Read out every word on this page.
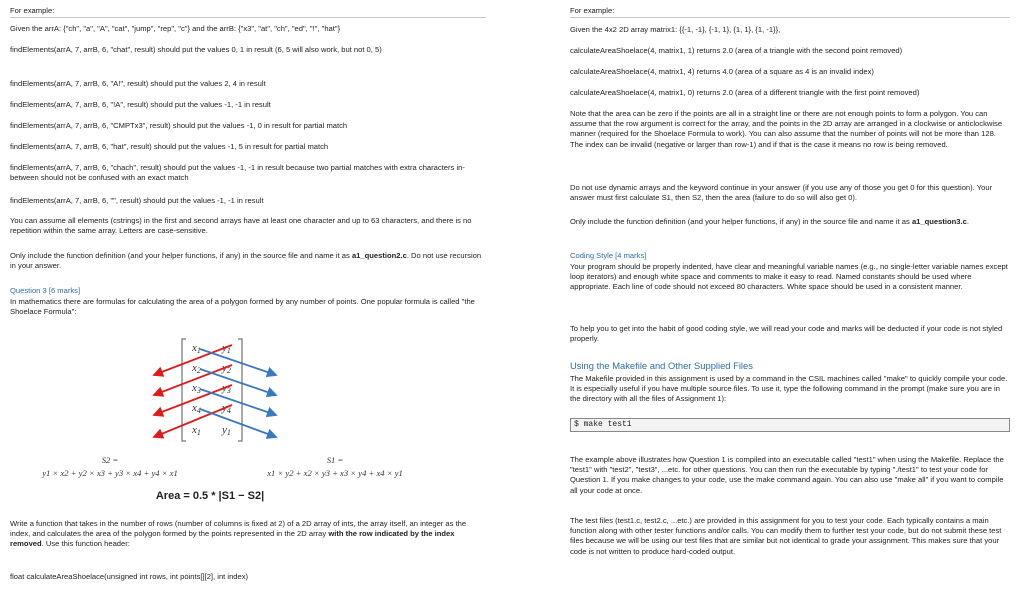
For example:

Given the arrA: {"ch", "a", "A", "cat", "jump", "rep", "c"} and the arrB: {"x3", "at", "ch", "ed", "!", "hat"}

findElements(arrA, 7, arrB, 6, "chat", result) should put the values 0, 1 in result (6, 5 will also work, but not 0, 5)

findElements(arrA, 7, arrB, 6, "A!", result) should put the values 2, 4 in result

findElements(arrA, 7, arrB, 6, "!A", result) should put the values -1, -1 in result

findElements(arrA, 7, arrB, 6, "CMPTx3", result) should put the values -1, 0 in result for partial match

findElements(arrA, 7, arrB, 6, "hat", result) should put the values -1, 5 in result for partial match

findElements(arrA, 7, arrB, 6, "chach", result) should put the values -1, -1 in result because two partial matches with extra characters in-between should not be confused with an exact match

findElements(arrA, 7, arrB, 6, "", result) should put the values -1, -1 in result

You can assume all elements (cstrings) in the first and second arrays have at least one character and up to 63 characters, and there is no repetition within the same array. Letters are case-sensitive.

Only include the function definition (and your helper functions, if any) in the source file and name it as a1_question2.c. Do not use recursion in your answer.

Question 3 [6 marks]

In mathematics there are formulas for calculating the area of a polygon formed by any number of points. One popular formula is called "the Shoelace Formula":

x1
x2
x3
x4
x1
1
2
3
4
y1
S2 =
y1 × x2 + y2 × x3 + y3 × x4 + y4 × x1
S1 =
x1 × y2 + x2 × y3 + x3 × y4 + x4 × y1
Area = 0.5 * |S1 − S2|

Write a function that takes in the number of rows (number of columns is fixed at 2) of a 2D array of ints, the array itself, an integer as the index, and calculates the area of the polygon formed by the points represented in the 2D array with the row indicated by the index removed. Use this function header:

float calculateAreaShoelace(unsigned int rows, int points[][2], int index)

For example:

Given the 4x2 2D array matrix1: {{-1, -1}, {-1, 1}, {1, 1}, {1, -1}},

calculateAreaShoelace(4, matrix1, 1) returns 2.0 (area of a triangle with the second point removed)

calculateAreaShoelace(4, matrix1, 4) returns 4.0 (area of a square as 4 is an invalid index)

calculateAreaShoelace(4, matrix1, 0) returns 2.0 (area of a different triangle with the first point removed)

Note that the area can be zero if the points are all in a straight line or there are not enough points to form a polygon. You can assume that the row argument is correct for the array, and the points in the 2D array are arranged in a clockwise or anticlockwise manner (required for the Shoelace Formula to work). You can also assume that the number of points will not be more than 128. The index can be invalid (negative or larger than row-1) and if that is the case it means no row is being removed.

Do not use dynamic arrays and the keyword continue in your answer (if you use any of those you get 0 for this question). Your answer must first calculate S1, then S2, then the area (failure to do so will also get 0).

Only include the function definition (and your helper functions, if any) in the source file and name it as a1_question3.c.

Coding Style [4 marks]

Your program should be properly indented, have clear and meaningful variable names (e.g., no single-letter variable names except loop iterators) and enough white space and comments to make it easy to read. Named constants should be used where appropriate. Each line of code should not exceed 80 characters. White space should be used in a consistent manner.

To help you to get into the habit of good coding style, we will read your code and marks will be deducted if your code is not styled properly.

Using the Makefile and Other Supplied Files

The Makefile provided in this assignment is used by a command in the CSIL machines called "make" to quickly compile your code. It is especially useful if you have multiple source files. To use it, type the following command in the prompt (make sure you are in the directory with all the files of Assignment 1):

$ make test1

The example above illustrates how Question 1 is compiled into an executable called "test1" when using the Makefile. Replace the "test1" with "test2", "test3", ...etc. for other questions. You can then run the executable by typing "./test1" to test your code for Question 1. If you make changes to your code, use the make command again. You can also use "make all" if you want to compile all your code at once.

The test files (test1.c, test2.c, ...etc.) are provided in this assignment for you to test your code. Each typically contains a main function along with other tester functions and/or calls. You can modify them to further test your code, but do not submit these test files because we will be using our test files that are similar but not identical to grade your assignment. This makes sure that your code is not written to produce hard-coded output.
